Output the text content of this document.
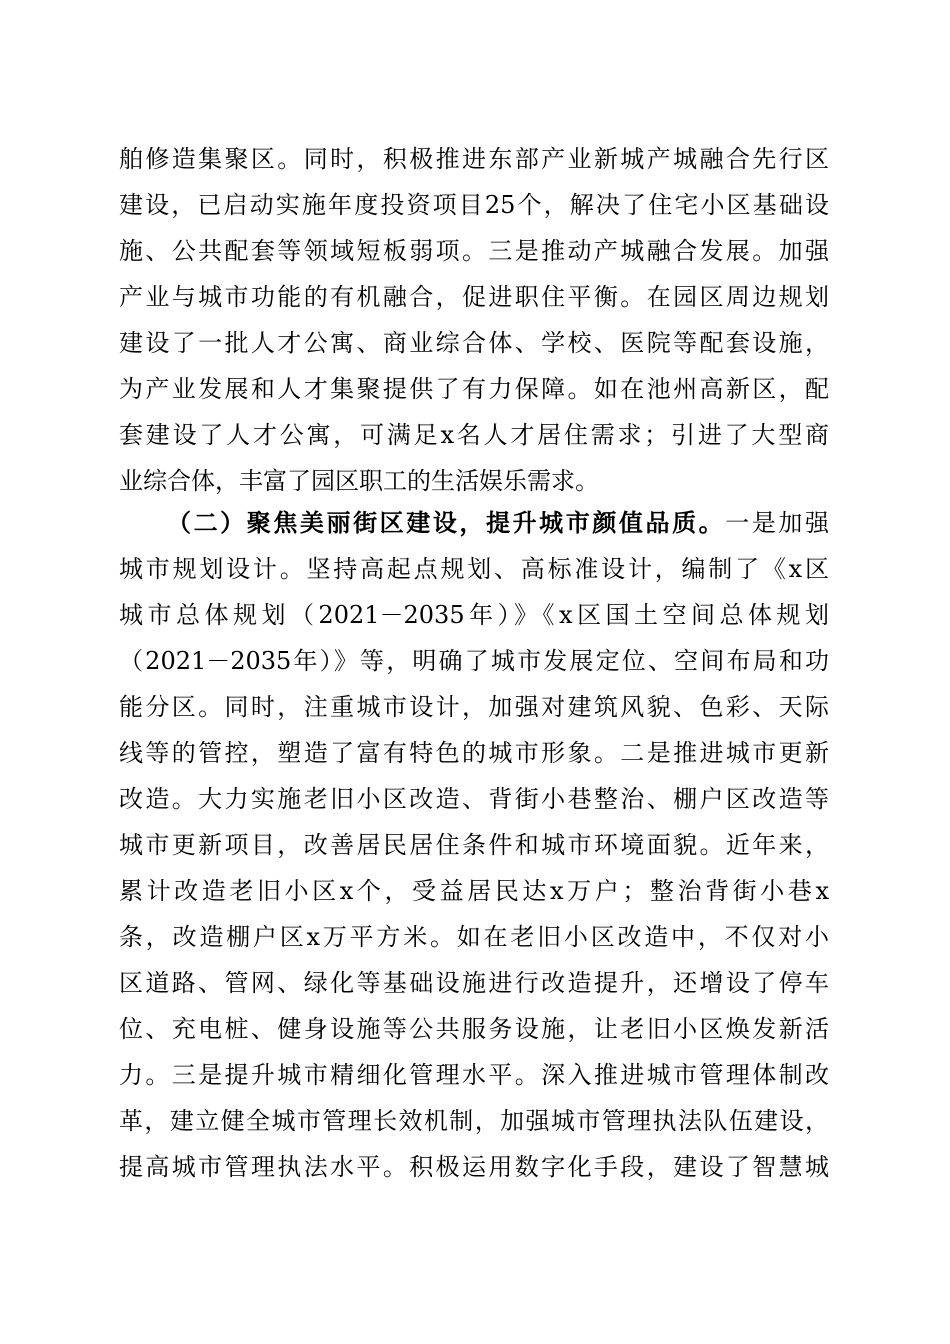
舶修造集聚区。同时，积极推进东部产业新城产城融合先行区
建设，已启动实施年度投资项目25个，解决了住宅小区基础设
施、公共配套等领域短板弱项。三是推动产城融合发展。加强
产业与城市功能的有机融合，促进职住平衡。在园区周边规划
建设了一批人才公寓、商业综合体、学校、医院等配套设施，
为产业发展和人才集聚提供了有力保障。如在池州高新区，配
套建设了人才公寓，可满足x名人才居住需求；引进了大型商
业综合体，丰富了园区职工的生活娱乐需求。
（二）聚焦美丽街区建设，提升城市颜值品质。一是加强
城市规划设计。坚持高起点规划、高标准设计，编制了《x区
城市总体规划（2021－2035年）》《x区国土空间总体规划
（2021－2035年）》等，明确了城市发展定位、空间布局和功
能分区。同时，注重城市设计，加强对建筑风貌、色彩、天际
线等的管控，塑造了富有特色的城市形象。二是推进城市更新
改造。大力实施老旧小区改造、背街小巷整治、棚户区改造等
城市更新项目，改善居民居住条件和城市环境面貌。近年来，
累计改造老旧小区x个，受益居民达x万户；整治背街小巷x
条，改造棚户区x万平方米。如在老旧小区改造中，不仅对小
区道路、管网、绿化等基础设施进行改造提升，还增设了停车
位、充电桩、健身设施等公共服务设施，让老旧小区焕发新活
力。三是提升城市精细化管理水平。深入推进城市管理体制改
革，建立健全城市管理长效机制，加强城市管理执法队伍建设，
提高城市管理执法水平。积极运用数字化手段，建设了智慧城
